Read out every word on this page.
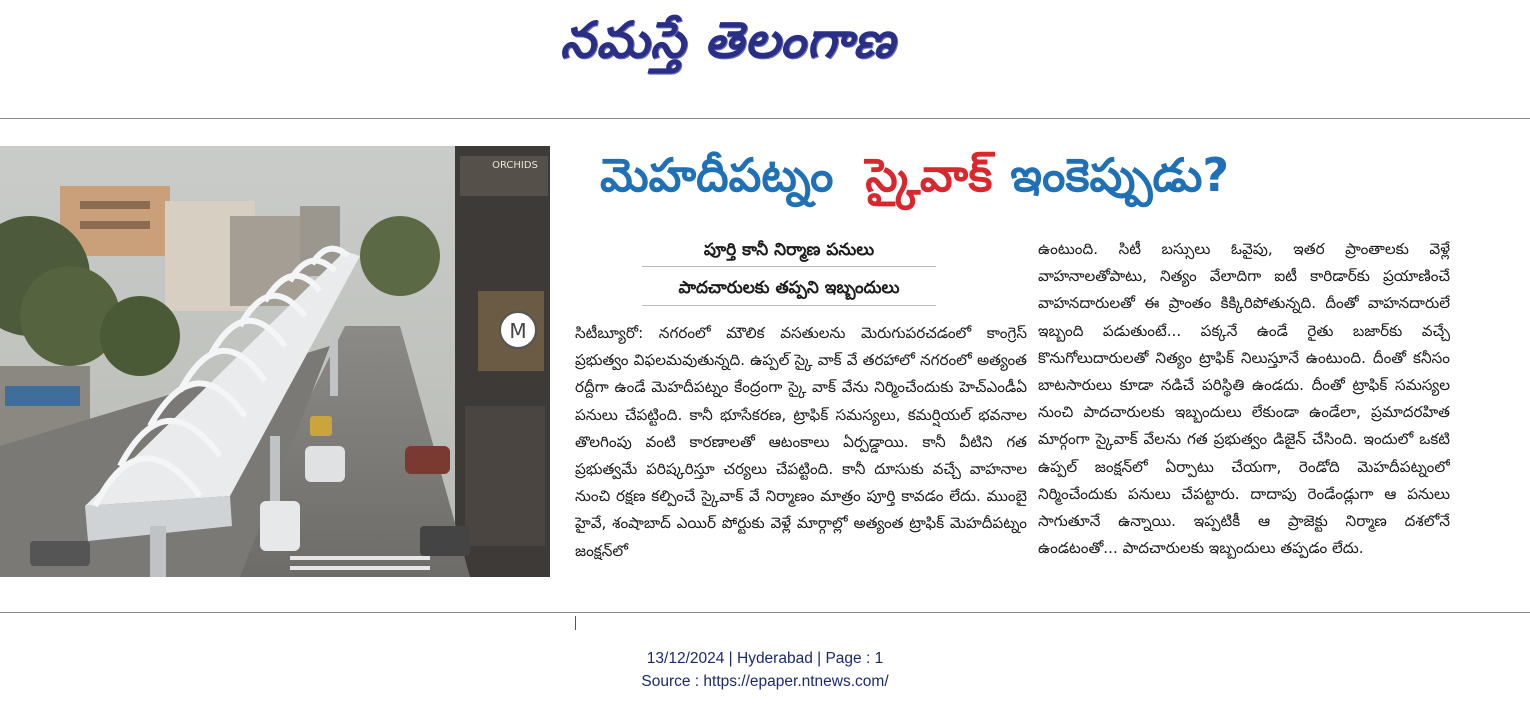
నమస్తే తెలంగాణ
M
ORCHIDS మెహదీపట్నం స్కైవాక్ ఇంకెప్పుడు?
పూర్తి కానీ నిర్మాణ పనులు
పాదచారులకు తప్పని ఇబ్బందులు

సిటీబ్యూరో: నగరంలో మౌలిక వసతులను మెరుగుపరచడంలో కాంగ్రెస్ ప్రభుత్వం విఫలమవుతున్నది. ఉప్పల్ స్కై వాక్ వే తరహాలో నగరంలో అత్యంత రద్దీగా ఉండే మెహదీపట్నం కేంద్రంగా స్కై వాక్ వేను నిర్మించేందుకు హెచ్ఎండీఏ పనులు చేపట్టింది. కానీ భూసేకరణ, ట్రాఫిక్ సమస్యలు, కమర్షియల్ భవనాల తొలగింపు వంటి కారణాలతో ఆటంకాలు ఏర్పడ్డాయి. కానీ వీటిని గత ప్రభుత్వమే పరిష్కరిస్తూ చర్యలు చేపట్టింది. కానీ దూసుకు వచ్చే వాహనాల నుంచి రక్షణ కల్పించే స్కైవాక్ వే నిర్మాణం మాత్రం పూర్తి కావడం లేదు. ముంబై హైవే, శంషాబాద్ ఎయిర్ పోర్టుకు వెళ్లే మార్గాల్లో అత్యంత ట్రాఫిక్ మెహదీపట్నం జంక్షన్‌లో

ఉంటుంది. సిటీ బస్సులు ఓవైపు, ఇతర ప్రాంతాలకు వెళ్లే వాహనాలతోపాటు, నిత్యం వేలాదిగా ఐటీ కారిడార్‌కు ప్రయాణించే వాహనదారులతో ఈ ప్రాంతం కిక్కిరిపోతున్నది. దీంతో వాహనదారులే ఇబ్బంది పడుతుంటే... పక్కనే ఉండే రైతు బజార్‌కు వచ్చే కొనుగోలుదారులతో నిత్యం ట్రాఫిక్ నిలుస్తూనే ఉంటుంది. దీంతో కనీసం బాటసారులు కూడా నడిచే పరిస్థితి ఉండదు. దీంతో ట్రాఫిక్ సమస్యల నుంచి పాదచారులకు ఇబ్బందులు లేకుండా ఉండేలా, ప్రమాదరహిత మార్గంగా స్కైవాక్ వేలను గత ప్రభుత్వం డిజైన్ చేసింది. ఇందులో ఒకటి ఉప్పల్ జంక్షన్‌లో ఏర్పాటు చేయగా, రెండోది మెహదీపట్నంలో నిర్మించేందుకు పనులు చేపట్టారు. దాదాపు రెండేండ్లుగా ఆ పనులు సాగుతూనే ఉన్నాయి. ఇప్పటికీ ఆ ప్రాజెక్టు నిర్మాణ దశలోనే ఉండటంతో... పాదచారులకు ఇబ్బందులు తప్పడం లేదు.

13/12/2024 | Hyderabad | Page : 1
Source : https://epaper.ntnews.com/
